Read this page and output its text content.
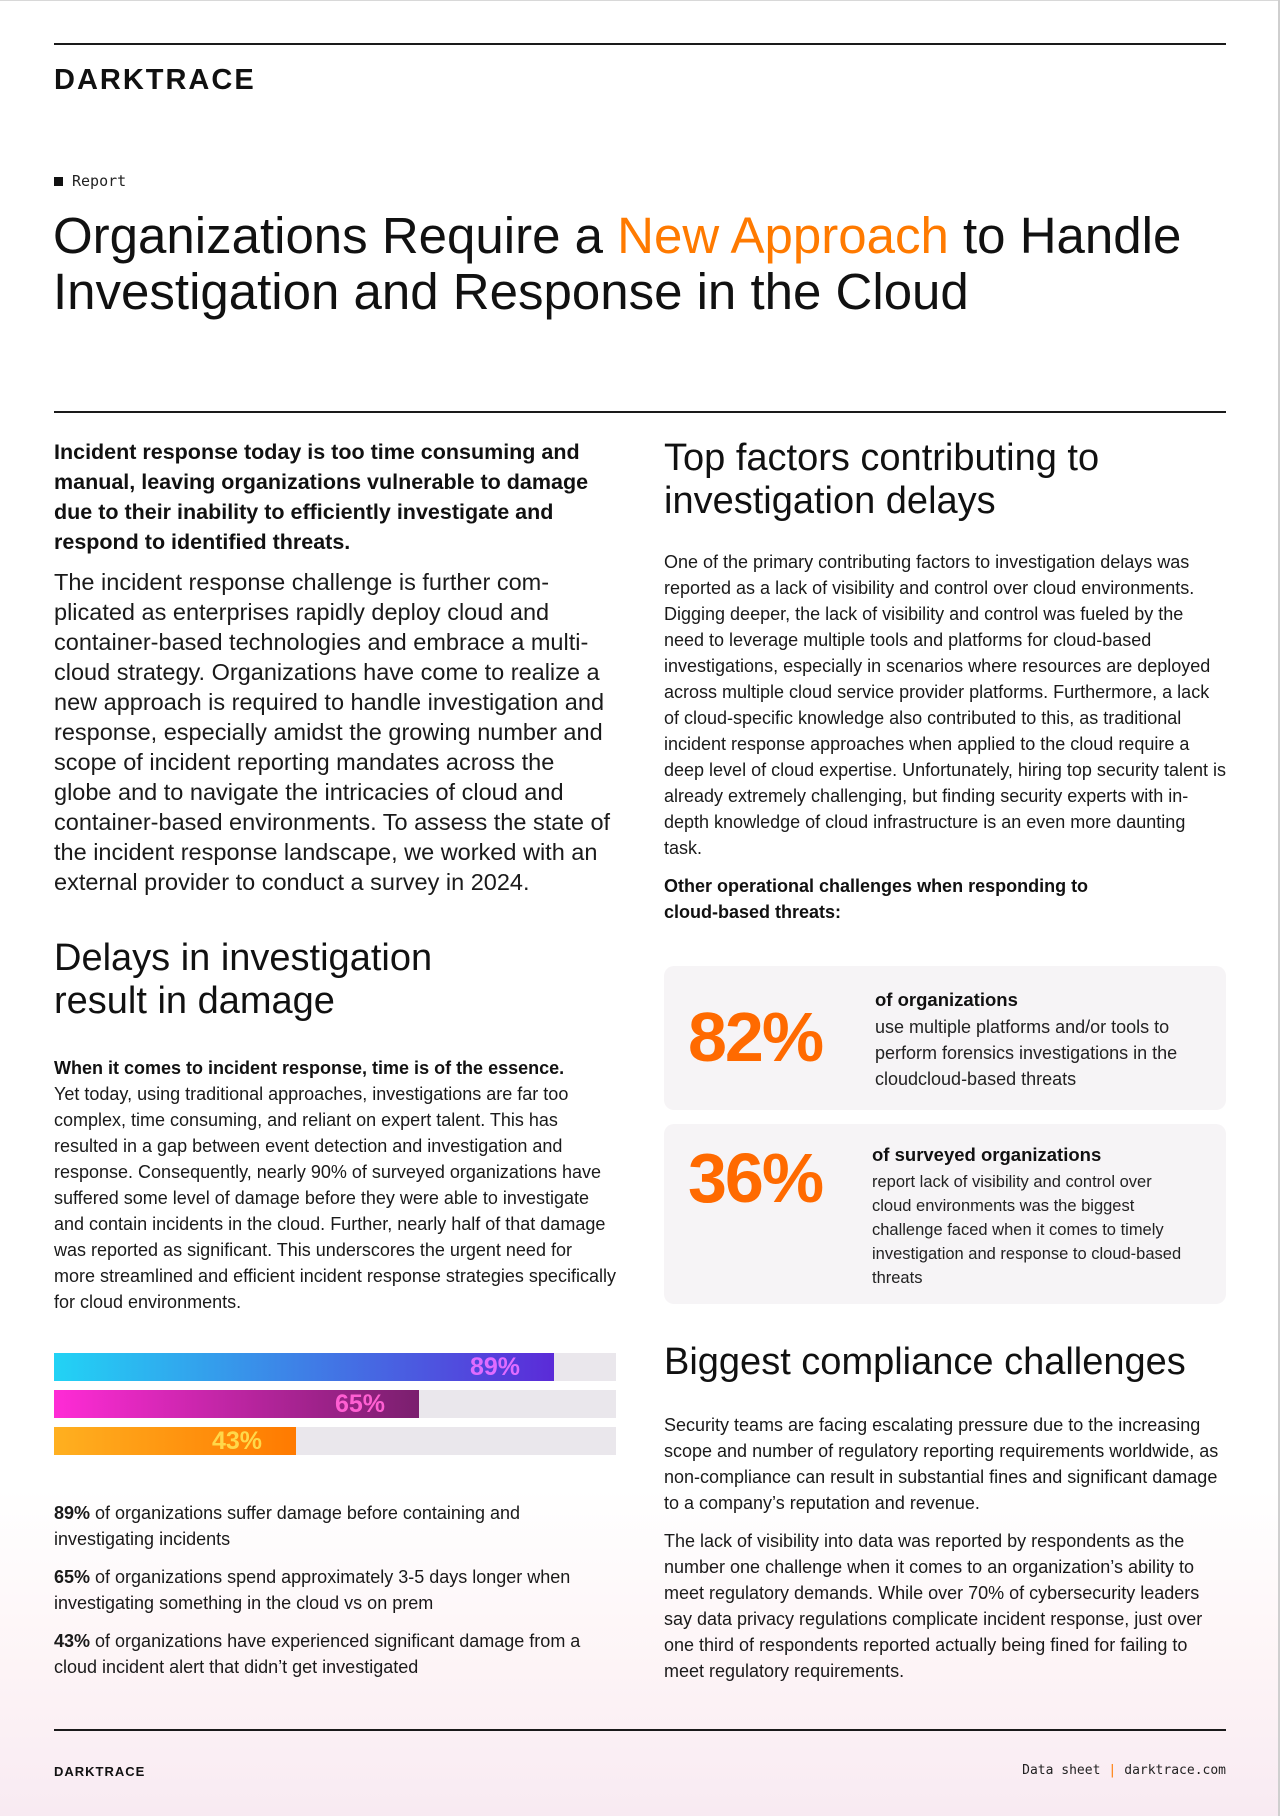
DARKTRACE
Report
Organizations Require a New Approach to Handle Investigation and Response in the Cloud

Incident response today is too time consuming and manual, leaving organizations vulnerable to damage due to their inability to efficiently investigate and respond to identified threats.

The incident response challenge is further complicated as enterprises rapidly deploy cloud and container-based technologies and embrace a multicloud strategy. Organizations have come to realize a new approach is required to handle investigation and response, especially amidst the growing number and scope of incident reporting mandates across the globe and to navigate the intricacies of cloud and container-based environments. To assess the state of the incident response landscape, we worked with an external provider to conduct a survey in 2024.

Delays in investigation result in damage

When it comes to incident response, time is of the essence.

Yet today, using traditional approaches, investigations are far too complex, time consuming, and reliant on expert talent. This has resulted in a gap between event detection and investigation and response. Consequently, nearly 90% of surveyed organizations have suffered some level of damage before they were able to investigate and contain incidents in the cloud. Further, nearly half of that damage was reported as significant. This underscores the urgent need for more streamlined and efficient incident response strategies specifically for cloud environments.

89%
65%
43%

89% of organizations suffer damage before containing and investigating incidents

65% of organizations spend approximately 3-5 days longer when investigating something in the cloud vs on prem

43% of organizations have experienced significant damage from a cloud incident alert that didn’t get investigated

Top factors contributing to investigation delays

One of the primary contributing factors to investigation delays was reported as a lack of visibility and control over cloud environments. Digging deeper, the lack of visibility and control was fueled by the need to leverage multiple tools and platforms for cloud-based investigations, especially in scenarios where resources are deployed across multiple cloud service provider platforms. Furthermore, a lack of cloud-specific knowledge also contributed to this, as traditional incident response approaches when applied to the cloud require a deep level of cloud expertise. Unfortunately, hiring top security talent is already extremely challenging, but finding security experts with in-depth knowledge of cloud infrastructure is an even more daunting task.

Other operational challenges when responding to cloud-based threats:

82%	of organizations
use multiple platforms and/or tools to perform forensics investigations in the cloudcloud-based threats
36%	of surveyed organizations
report lack of visibility and control over cloud environments was the biggest challenge faced when it comes to timely investigation and response to cloud-based threats
Biggest compliance challenges

Security teams are facing escalating pressure due to the increasing scope and number of regulatory reporting requirements worldwide, as non-compliance can result in substantial fines and significant damage to a company’s reputation and revenue.

The lack of visibility into data was reported by respondents as the number one challenge when it comes to an organization’s ability to meet regulatory demands. While over 70% of cybersecurity leaders say data privacy regulations complicate incident response, just over one third of respondents reported actually being fined for failing to meet regulatory requirements.

DARKTRACE	Data sheet | darktrace.com
